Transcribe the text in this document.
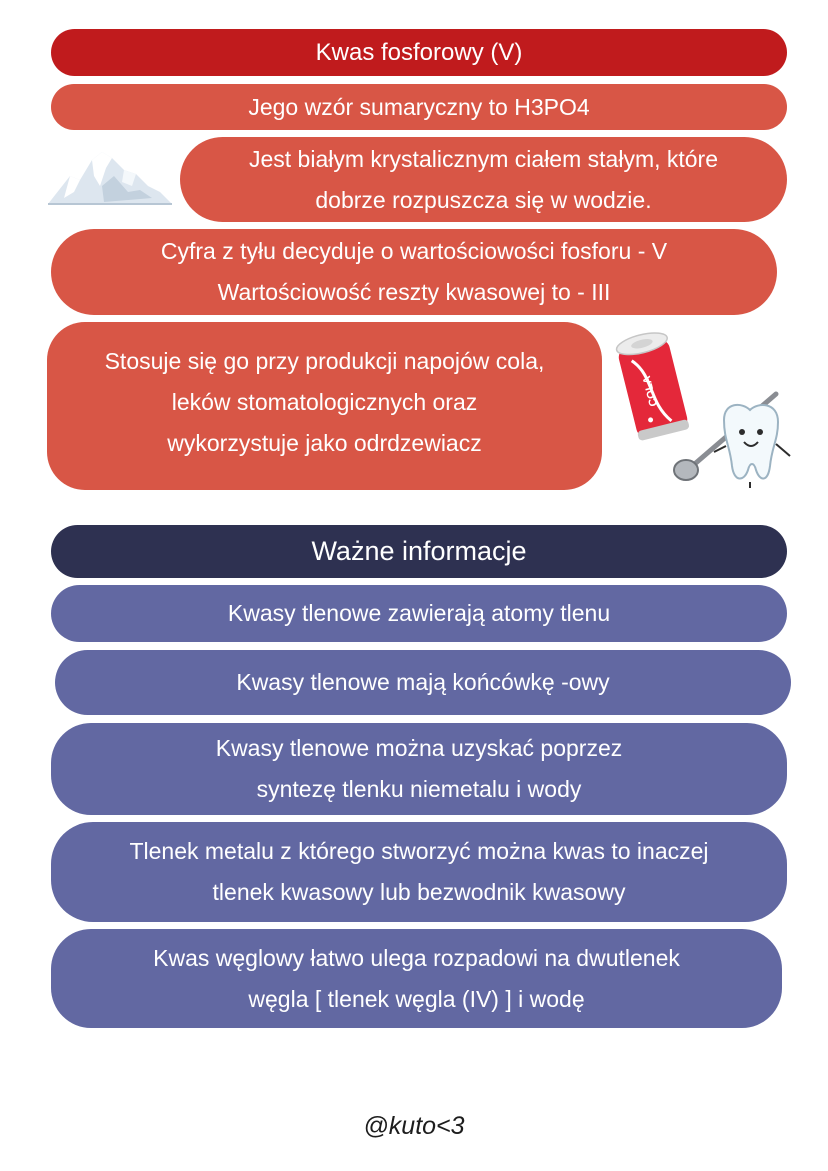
Kwas fosforowy (V)
Jego wzór sumaryczny to H3PO4
Jest białym krystalicznym ciałem stałym, które
dobrze rozpuszcza się w wodzie.
Cyfra z tyłu decyduje o wartościowości fosforu - V
Wartościowość reszty kwasowej to - III
Stosuje się go przy produkcji napojów cola,
leków stomatologicznych oraz
wykorzystuje jako odrdzewiacz
COLA
Ważne informacje
Kwasy tlenowe zawierają atomy tlenu
Kwasy tlenowe mają końcówkę -owy
Kwasy tlenowe można uzyskać poprzez
syntezę tlenku niemetalu i wody
Tlenek metalu z którego stworzyć można kwas to inaczej
tlenek kwasowy lub bezwodnik kwasowy
Kwas węglowy łatwo ulega rozpadowi na dwutlenek
węgla [ tlenek węgla (IV) ] i wodę
@kuto<3
